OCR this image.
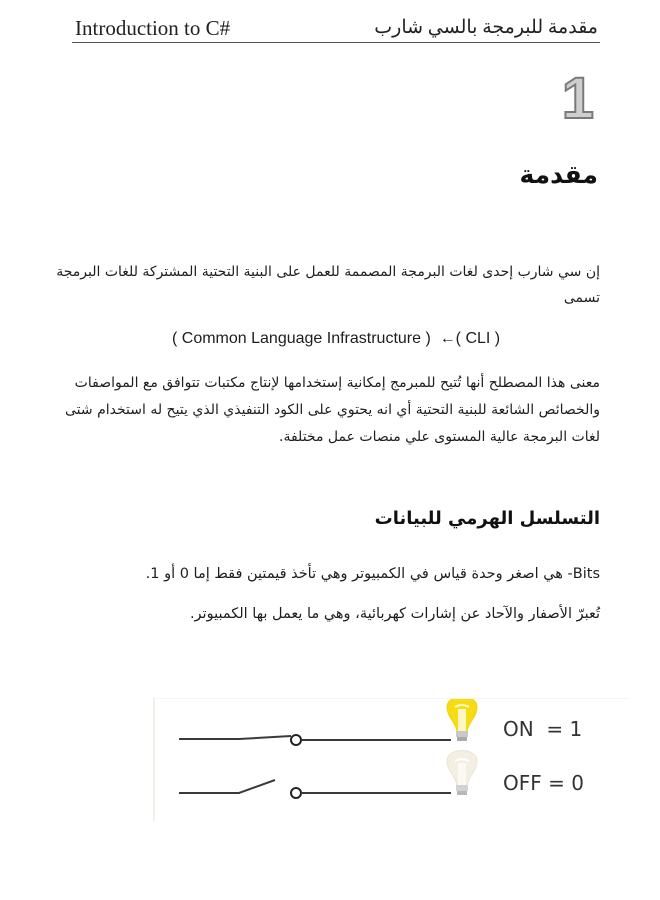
Introduction to C#	مقدمة للبرمجة بالسي شارب
1
مقدمة
إن سي شارب إحدى لغات البرمجة المصممة للعمل على البنية التحتية المشتركة للغات البرمجة تسمى
( Common Language Infrastructure )  ←( CLI )
معنى هذا المصطلح أنها تُتيح للمبرمج إمكانية إستخدامها لإنتاج مكتبات تتوافق مع المواصفات والخصائص الشائعة للبنية التحتية أي انه يحتوي على الكود التنفيذي الذي يتيح له استخدام شتى لغات البرمجة عالية المستوى علي منصات عمل مختلفة.
التسلسل الهرمي للبيانات
Bits- هي اصغر وحدة قياس في الكمبيوتر وهي تأخذ قيمتين فقط إما 0 أو 1.
تُعبرّ الأصفار والآحاد عن إشارات كهربائية، وهي ما يعمل بها الكمبيوتر.
ON  = 1
OFF = 0
